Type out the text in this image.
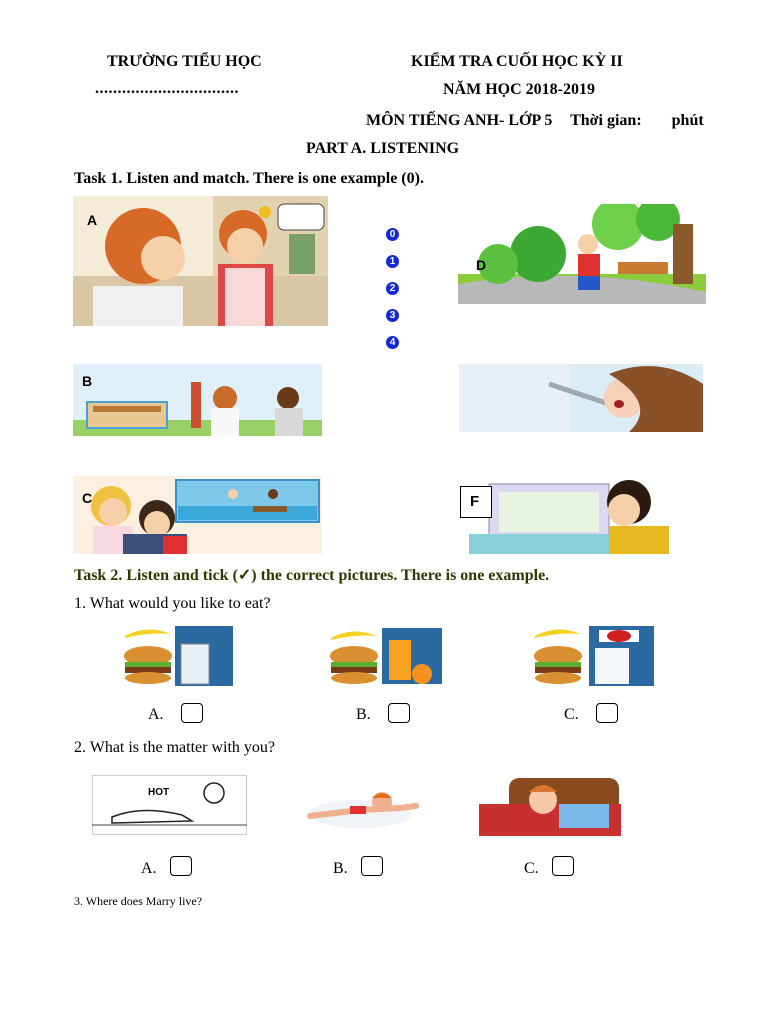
TRƯỜNG TIỂU HỌC
................................
KIỂM TRA CUỐI HỌC KỲ II
NĂM HỌC 2018-2019
MÔN TIẾNG ANH- LỚP 5 Thời gian: phút
PART A. LISTENING
Task 1. Listen and match. There is one example (0).
A
0
1
2
3
4
D
B
C	F
Task 2. Listen and tick (✓) the correct pictures. There is one example.
1. What would you like to eat?
A.	B.	C.
2. What is the matter with you?
HOT
A.	B.	C.
3. Where does Marry live?
